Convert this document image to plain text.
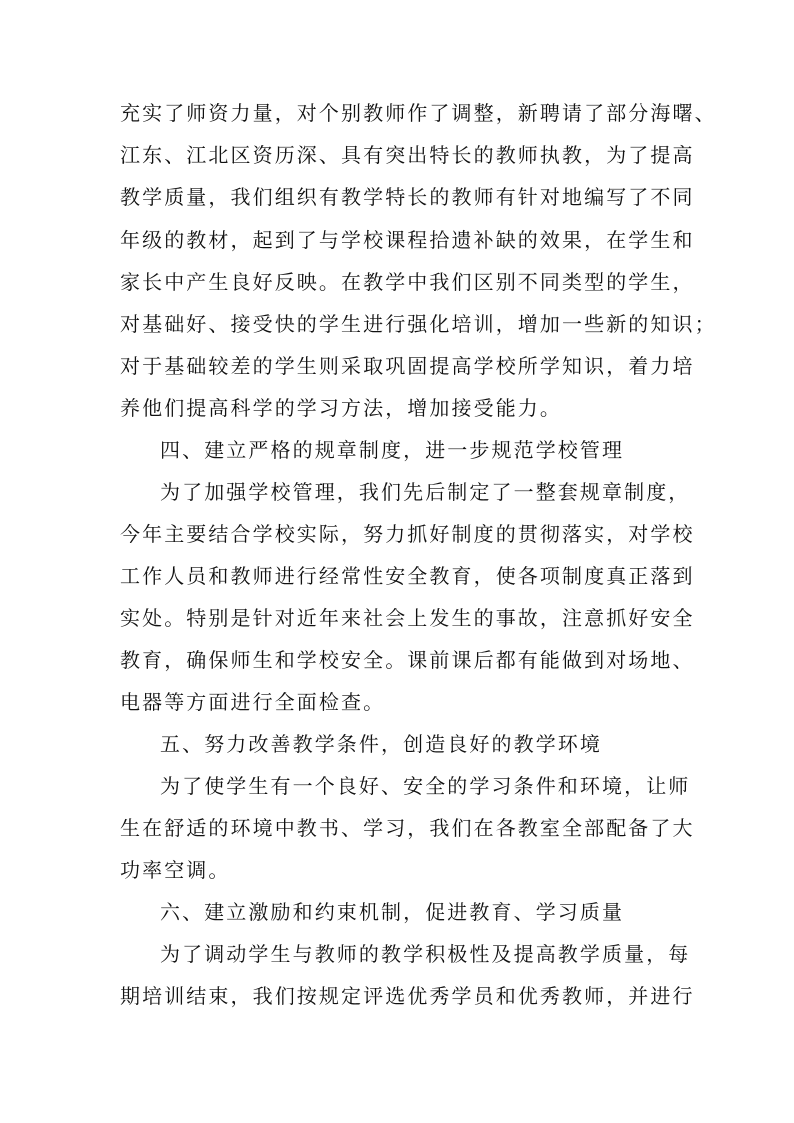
充实了师资力量，对个别教师作了调整，新聘请了部分海曙、
江东、江北区资历深、具有突出特长的教师执教，为了提高
教学质量，我们组织有教学特长的教师有针对地编写了不同
年级的教材，起到了与学校课程拾遗补缺的效果，在学生和
家长中产生良好反映。在教学中我们区别不同类型的学生，
对基础好、接受快的学生进行强化培训，增加一些新的知识；
对于基础较差的学生则采取巩固提高学校所学知识，着力培
养他们提高科学的学习方法，增加接受能力。
四、建立严格的规章制度，进一步规范学校管理
为了加强学校管理，我们先后制定了一整套规章制度，
今年主要结合学校实际，努力抓好制度的贯彻落实，对学校
工作人员和教师进行经常性安全教育，使各项制度真正落到
实处。特别是针对近年来社会上发生的事故，注意抓好安全
教育，确保师生和学校安全。课前课后都有能做到对场地、
电器等方面进行全面检查。
五、努力改善教学条件，创造良好的教学环境
为了使学生有一个良好、安全的学习条件和环境，让师
生在舒适的环境中教书、学习，我们在各教室全部配备了大
功率空调。
六、建立激励和约束机制，促进教育、学习质量
为了调动学生与教师的教学积极性及提高教学质量，每
期培训结束，我们按规定评选优秀学员和优秀教师，并进行
